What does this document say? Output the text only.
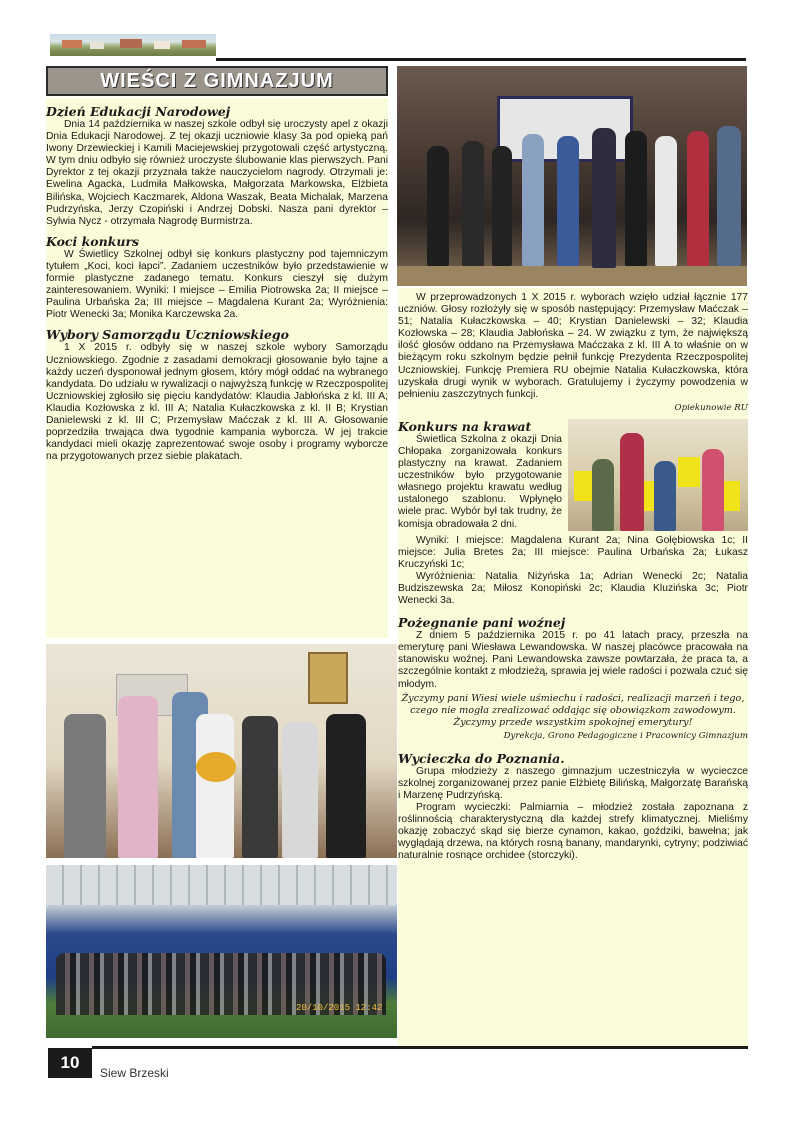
WIEŚCI Z GIMNAZJUM
Dzień Edukacji Narodowej

Dnia 14 października w naszej szkole odbył się uroczysty apel z okazji Dnia Edukacji Narodowej. Z tej okazji uczniowie klasy 3a pod opieką pań Iwony Drzewieckiej i Kamili Maciejewskiej przygotowali część artystyczną. W tym dniu odbyło się również uroczyste ślubowanie klas pierwszych. Pani Dyrektor z tej okazji przyznała także nauczycielom nagrody. Otrzymali je: Ewelina Agacka, Ludmiła Małkowska, Małgorzata Markowska, Elżbieta Bilińska, Wojciech Kaczmarek, Aldona Waszak, Beata Michalak, Marzena Pudrzyńska, Jerzy Czopiński i Andrzej Dobski. Nasza pani dyrektor – Sylwia Nycz - otrzymała Nagrodę Burmistrza.

Koci konkurs

W Świetlicy Szkolnej odbył się konkurs plastyczny pod tajemniczym tytułem „Koci, koci łapci”. Zadaniem uczestników było przedstawienie w formie plastyczne zadanego tematu. Konkurs cieszył się dużym zainteresowaniem. Wyniki: I miejsce – Emilia Piotrowska 2a; II miejsce – Paulina Urbańska 2a; III miejsce – Magdalena Kurant 2a; Wyróżnienia: Piotr Wenecki 3a; Monika Karczewska 2a.

Wybory Samorządu Uczniowskiego

1 X 2015 r. odbyły się w naszej szkole wybory Samorządu Uczniowskiego. Zgodnie z zasadami demokracji głosowanie było tajne a każdy uczeń dysponował jednym głosem, który mógł oddać na wybranego kandydata. Do udziału w rywalizacji o najwyższą funkcję w Rzeczpospolitej Uczniowskiej zgłosiło się pięciu kandydatów: Klaudia Jabłońska z kl. III A; Klaudia Kozłowska z kl. III A; Natalia Kułaczkowska z kl. II B; Krystian Danielewski z kl. III C; Przemysław Maćczak z kl. III A. Głosowanie poprzedziła trwająca dwa tygodnie kampania wyborcza. W jej trakcie kandydaci mieli okazję zaprezentować swoje osoby i programy wyborcze na przygotowanych przez siebie plakatach.

W przeprowadzonych 1 X 2015 r. wyborach wzięło udział łącznie 177 uczniów. Głosy rozłożyły się w sposób następujący: Przemysław Maćczak – 51; Natalia Kułaczkowska – 40; Krystian Danielewski – 32; Klaudia Kozłowska – 28; Klaudia Jabłońska – 24. W związku z tym, że największą ilość głosów oddano na Przemysława Maćczaka z kl. III A to właśnie on w bieżącym roku szkolnym będzie pełnił funkcję Prezydenta Rzeczpospolitej Uczniowskiej. Funkcję Premiera RU obejmie Natalia Kułaczkowska, która uzyskała drugi wynik w wyborach. Gratulujemy i życzymy powodzenia w pełnieniu zaszczytnych funkcji.

Opiekunowie RU
Konkurs na krawat

Świetlica Szkolna z okazji Dnia Chłopaka zorganizowała konkurs plastyczny na krawat. Zadaniem uczestników było przygotowanie własnego projektu krawatu według ustalonego szablonu. Wpłynęło wiele prac. Wybór był tak trudny, że komisja obradowała 2 dni.

Wyniki: I miejsce: Magdalena Kurant 2a; Nina Gołębiowska 1c; II miejsce: Julia Bretes 2a; III miejsce: Paulina Urbańska 2a; Łukasz Kruczyński 1c;

Wyróżnienia: Natalia Niżyńska 1a; Adrian Wenecki 2c; Natalia Budziszewska 2a; Miłosz Konopiński 2c; Klaudia Kluzińska 3c; Piotr Wenecki 3a.

Pożegnanie pani woźnej

Z dniem 5 października 2015 r. po 41 latach pracy, przeszła na emeryturę pani Wiesława Lewandowska. W naszej placówce pracowała na stanowisku woźnej. Pani Lewandowska zawsze powtarzała, że praca ta, a szczególnie kontakt z młodzieżą, sprawia jej wiele radości i pozwala czuć się młodym.

Życzymy pani Wiesi wiele uśmiechu i radości, realizacji marzeń i tego, czego nie mogła zrealizować oddając się obowiązkom zawodowym. Życzymy przede wszystkim spokojnej emerytury!

Dyrekcja, Grono Pedagogiczne i Pracownicy Gimnazjum
Wycieczka do Poznania.

Grupa młodzieży z naszego gimnazjum uczestniczyła w wycieczce szkolnej zorganizowanej przez panie Elżbietę Bilińską, Małgorzatę Barańską i Marzenę Pudrzyńską.

Program wycieczki: Palmiarnia – młodzież została zapoznana z roślinnością charakterystyczną dla każdej strefy klimatycznej. Mieliśmy okazję zobaczyć skąd się bierze cynamon, kakao, goździki, bawełna; jak wyglądają drzewa, na których rosną banany, mandarynki, cytryny; podziwiać naturalnie rosnące orchidee (storczyki).

20/10/2015 12:42
10
Siew Brzeski
